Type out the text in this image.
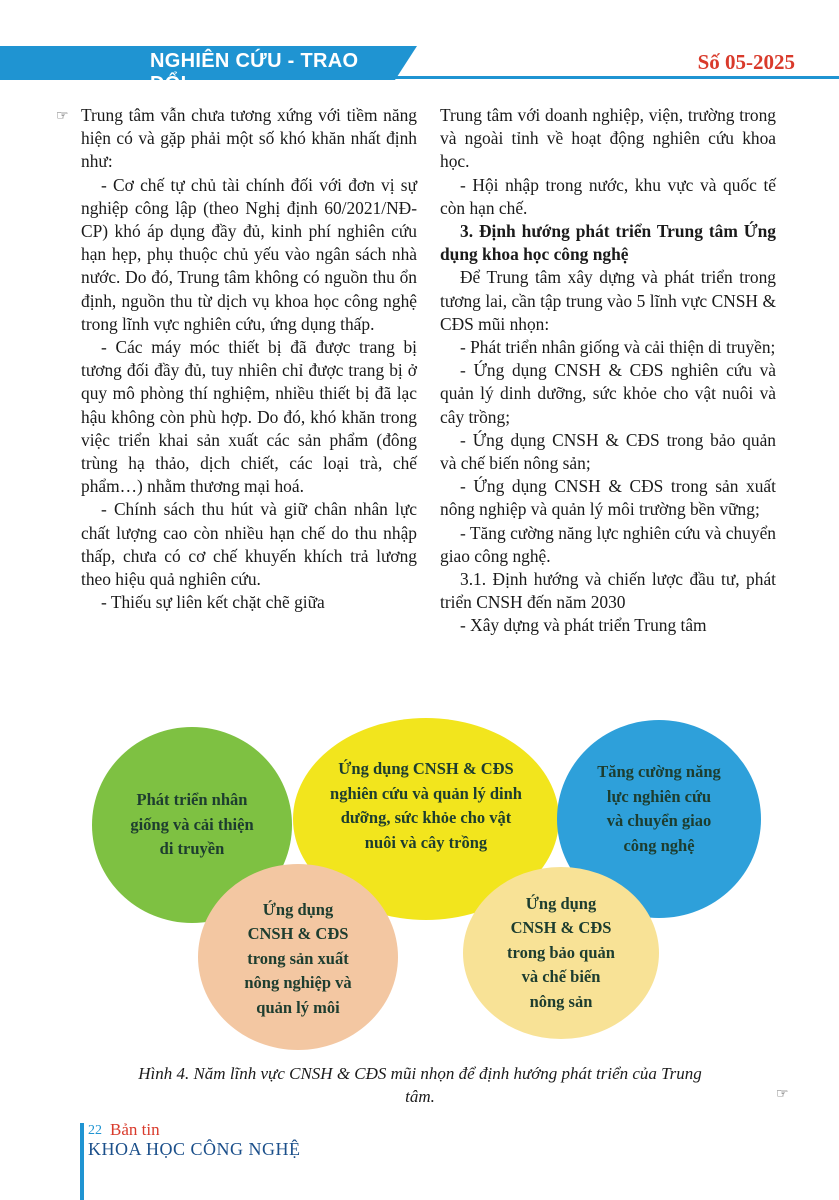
NGHIÊN CỨU - TRAO ĐỔI
Số 05-2025
☞ Trung tâm vẫn chưa tương xứng với tiềm năng hiện có và gặp phải một số khó khăn nhất định như:

- Cơ chế tự chủ tài chính đối với đơn vị sự nghiệp công lập (theo Nghị định 60/2021/NĐ-CP) khó áp dụng đầy đủ, kinh phí nghiên cứu hạn hẹp, phụ thuộc chủ yếu vào ngân sách nhà nước. Do đó, Trung tâm không có nguồn thu ổn định, nguồn thu từ dịch vụ khoa học công nghệ trong lĩnh vực nghiên cứu, ứng dụng thấp.

- Các máy móc thiết bị đã được trang bị tương đối đầy đủ, tuy nhiên chỉ được trang bị ở quy mô phòng thí nghiệm, nhiều thiết bị đã lạc hậu không còn phù hợp. Do đó, khó khăn trong việc triển khai sản xuất các sản phẩm (đông trùng hạ thảo, dịch chiết, các loại trà, chế phẩm…) nhằm thương mại hoá.

- Chính sách thu hút và giữ chân nhân lực chất lượng cao còn nhiều hạn chế do thu nhập thấp, chưa có cơ chế khuyến khích trả lương theo hiệu quả nghiên cứu.

- Thiếu sự liên kết chặt chẽ giữa

Trung tâm với doanh nghiệp, viện, trường trong và ngoài tỉnh về hoạt động nghiên cứu khoa học.

- Hội nhập trong nước, khu vực và quốc tế còn hạn chế.

3. Định hướng phát triển Trung tâm Ứng dụng khoa học công nghệ

Để Trung tâm xây dựng và phát triển trong tương lai, cần tập trung vào 5 lĩnh vực CNSH & CĐS mũi nhọn:

- Phát triển nhân giống và cải thiện di truyền;

- Ứng dụng CNSH & CĐS nghiên cứu và quản lý dinh dưỡng, sức khỏe cho vật nuôi và cây trồng;

- Ứng dụng CNSH & CĐS trong bảo quản và chế biến nông sản;

- Ứng dụng CNSH & CĐS trong sản xuất nông nghiệp và quản lý môi trường bền vững;

- Tăng cường năng lực nghiên cứu và chuyển giao công nghệ.

3.1. Định hướng và chiến lược đầu tư, phát triển CNSH đến năm 2030

- Xây dựng và phát triển Trung tâm

Phát triển nhân giống và cải thiện di truyền
Ứng dụng CNSH & CĐS nghiên cứu và quản lý dinh dưỡng, sức khỏe cho vật nuôi và cây trồng
Tăng cường năng lực nghiên cứu và chuyển giao công nghệ
Ứng dụng CNSH & CĐS trong sản xuất nông nghiệp và quản lý môi
Ứng dụng CNSH & CĐS trong bảo quản và chế biến nông sản
Hình 4. Năm lĩnh vực CNSH & CĐS mũi nhọn để định hướng phát triển của Trung tâm.	☞
22 Bản tin
KHOA HỌC CÔNG NGHỆ
